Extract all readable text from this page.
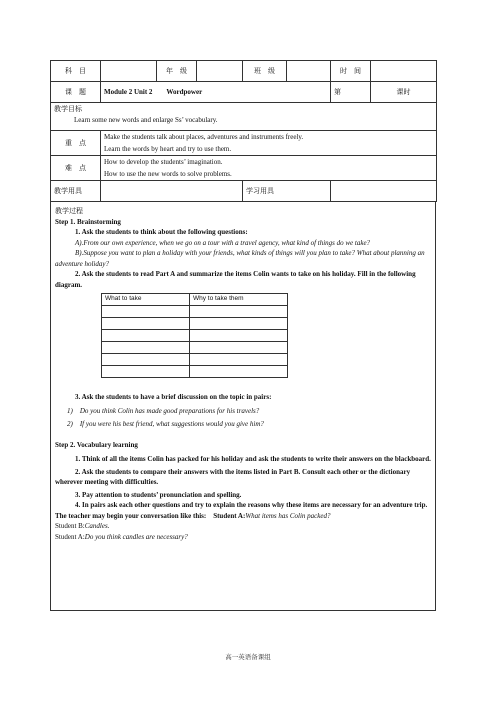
科　目		年　级		班　级		时　间	
课　题	Module 2 Unit 2　　Wordpower					第	课时

教学目标
Learn some new words and enlarge Ss’ vocabulary.							

重　点	Make the students talk about places, adventures and instruments freely.
Learn the words by heart and try to use them.						

难　点	How to develop the students’ imagination.
How to use the new words to solve problems.						

教学用具				学习用具			

教学过程

Step 1. Brainstorming

1. Ask the students to think about the following questions:

A).From our own experience, when we go on a tour with a travel agency, what kind of things do we take?

B).Suppose you want to plan a holiday with your friends, what kinds of things will you plan to take? What about planning an adventure holiday?

2. Ask the students to read Part A and summarize the items Colin wants to take on his holiday. Fill in the following diagram.

What to take	Why to take them

3. Ask the students to have a brief discussion on the topic in pairs:

1)　Do you think Colin has made good preparations for his travels?

2)　If you were his best friend, what suggestions would you give him?

Step 2. Vocabulary learning

1. Think of all the items Colin has packed for his holiday and ask the students to write their answers on the blackboard.

2. Ask the students to compare their answers with the items listed in Part B. Consult each other or the dictionary wherever meeting with difficulties.

3. Pay attention to students’ pronunciation and spelling.

4. In pairs ask each other questions and try to explain the reasons why these items are necessary for an adventure trip.　The teacher may begin your conversation like this:　Student A:What items has Colin packed?

Student B:Candles.

Student A:Do you think candles are necessary?

高一英语备课组
